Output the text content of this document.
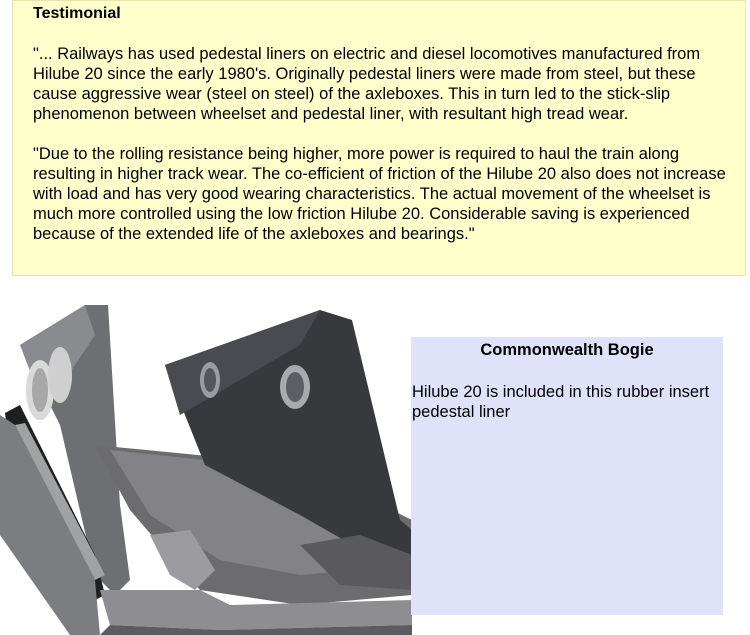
Testimonial

"... Railways has used pedestal liners on electric and diesel locomotives manufactured from Hilube 20 since the early 1980's. Originally pedestal liners were made from steel, but these cause aggressive wear (steel on steel) of the axleboxes. This in turn led to the stick-slip phenomenon between wheelset and pedestal liner, with resultant high tread wear.

"Due to the rolling resistance being higher, more power is required to haul the train along resulting in higher track wear. The co-efficient of friction of the Hilube 20 also does not increase with load and has very good wearing characteristics. The actual movement of the wheelset is much more controlled using the low friction Hilube 20. Considerable saving is experienced because of the extended life of the axleboxes and bearings."

Commonwealth Bogie
Hilube 20 is included in this rubber insert pedestal liner
